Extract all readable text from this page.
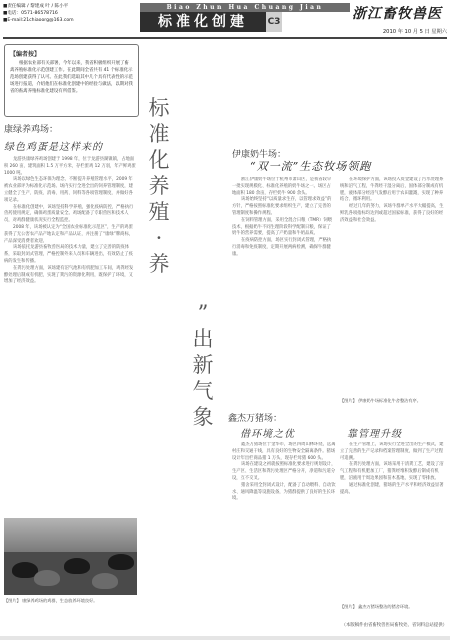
■责任编辑 / 黎建成 叶 / 陈小平
■电话：0571-86578716
■E-mail:21chiaoorg@163.com
Biao Zhun Hua Chuang Jian
标准化创建	C3	浙江畜牧兽医
2010 年 10 月 5 日 星期六
【编者按】
根据农业部有关部署，今年以来，我省积极组织开展了畜禽养殖标准化示范创建工作。在此期间全省共有 41 个标准化示范场创建获得了认可。在此我们选取其中几个具有代表性的示范场进行报道，介绍他们在标准化创建中的经验与做法，以期对我省的畜禽养殖标准化建设有所借鉴。
康绿养鸡场：
绿色鸡蛋是这样来的

龙游县康绿养鸡场创建于 1998 年，位于龙游县湖镇镇，占地面积 260 亩，建筑面积 1.5 万平方米，存栏蛋鸡 12 万羽，年产鲜鸡蛋 1000 吨。

该场以绿色生态环保为理念，不断提升养殖管理水平，2009 年被农业部评为标准化示范场。场内实行全进全出的饲养管理制度，建立健全了生产、防疫、消毒、用药、饲料等各项管理制度，并做好各项记录。

在标准化创建中，该场坚持科学养殖，强化疫病防控，严格执行兽药使用规定，确保鸡蛋质量安全。鸡场配备了专职兽医和技术人员，对鸡群健康状况实行全程监控。

2008 年，该场被认定为“全国农业标准化示范区”，生产的鸡蛋获得了无公害农产品产地认定和产品认证，并注册了“康绿”牌商标，产品深受消费者欢迎。

该场依托龙游县畜牧兽医局的技术力量，建立了完善的防疫体系，采取封闭式管理，严格控制外来人员和车辆进出，有效防止了疫病的发生和传播。

在粪污处理方面，该场建有沼气池和有机肥加工车间，鸡粪经发酵处理后制成有机肥，实现了粪污的资源化利用，既保护了环境，又增加了经济效益。

【图片】 康绿养鸡场的鸡群，生态放养环境良好。
标
准
化
养
殖
·
养
”
出
新
气
象
伊康奶牛场：
“双一流”生态牧场领跑

浙江伊康奶牛场位于杭州市萧山区，是我省较早一批实现规模化、标准化养殖的奶牛场之一。场区占地面积 180 余亩，存栏奶牛 900 余头。

该场始终坚持“以质量求生存，以管理求效益”的方针，严格按照标准化要求组织生产，建立了完善的管理制度和操作规程。

在饲料管理方面，采用全混合日粮（TMR）饲喂技术，根据奶牛不同生理阶段科学配制日粮，保证了奶牛的营养需要，提高了产奶量和牛奶品质。

在疫病防控方面，场区实行封闭式管理，严格执行消毒和免疫制度，定期开展两病检测，确保牛群健康。

在环境保护方面，该场投入资金建设了污水处理系统和沼气工程，牛粪经干湿分离后，固体部分制成有机肥，液体部分经沼气发酵后用于农田灌溉，实现了种养结合、循环利用。

经过几年的努力，该场牛群单产水平大幅提高，生鲜乳各项指标均达到或超过国家标准，获得了良好的经济效益和社会效益。

【图片】 伊康奶牛场标准化牛舍整洁有序。
鑫杰万猪场：
借环境之优	靠管理升级

鑫杰万猪场位于金华市，场区四周山林环绕，远离村庄和交通干线，具有良好的生物安全隔离条件。猪场设计年出栏商品猪 1 万头，现存栏母猪 600 头。

该场在建设之初就按照标准化要求进行规划设计，生产区、生活区和粪污处理区严格分开，净道和污道分设，互不交叉。

猪舍采用全封闭式设计，配备了自动喂料、自动饮水、通风降温等设施设备，为猪群提供了良好的生长环境。

在生产管理上，该场实行全进全出的生产模式，建立了完善的生产记录和档案管理制度，做到了生产过程可追溯。

在粪污处理方面，该场采用干清粪工艺，建设了沼气工程和有机肥加工厂，猪粪经堆积发酵后制成有机肥，沼液用于周边果园和苗木基地，实现了零排放。

通过标准化创建，猪场的生产水平和经济效益显著提高。

【图片】 鑫杰万猪场整洁的猪舍环境。
（本版稿件由省畜牧兽医局畜牧处、省饲料总站提供）
